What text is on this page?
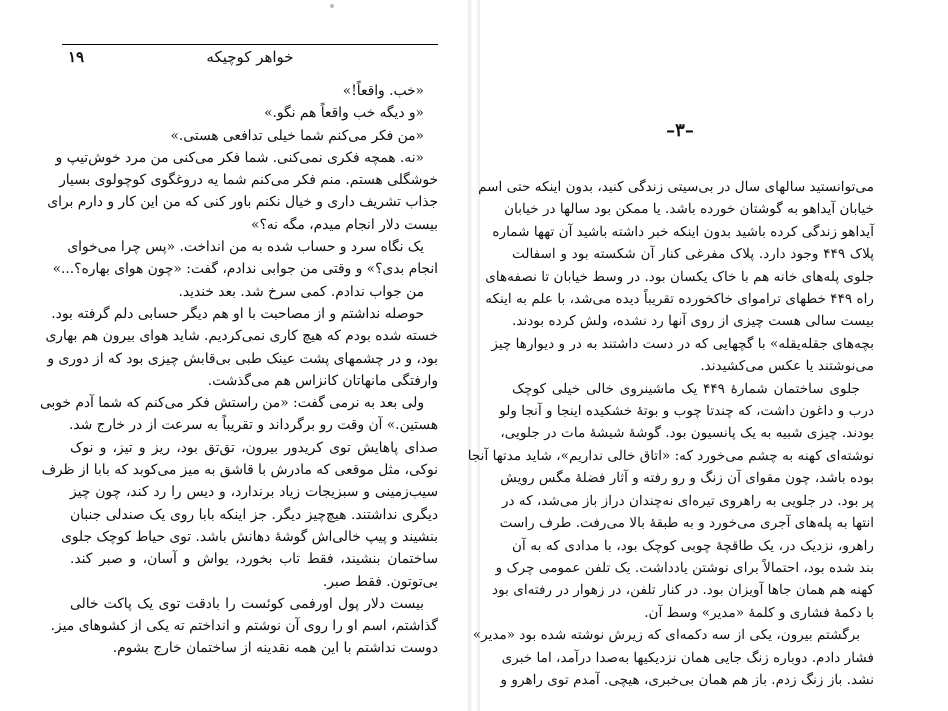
۱۹	خواهر کوچیکه
«خب. واقعاً!»
«و دیگه خب واقعاً هم نگو.»
«من فکر می‌کنم شما خیلی تدافعی هستی.»
«نه. همچه فکری نمی‌کنی. شما فکر می‌کنی من مرد خوش‌تیپ و
خوشگلی هستم. منم فکر می‌کنم شما یه دروغگوی کوچولوی بسیار
جذاب تشریف داری و خیال نکنم باور کنی که من این کار و دارم برای
بیست دلار انجام میدم، مگه نه؟»
یک نگاه سرد و حساب شده به من انداخت. «پس چرا می‌خوای
انجام بدی؟» و وقتی من جوابی ندادم، گفت: «چون هوای بهاره؟...»
من جواب ندادم. کمی سرخ شد. بعد خندید.
حوصله نداشتم و از مصاحبت با او هم دیگر حسابی دلم گرفته بود.
خسته شده بودم که هیچ کاری نمی‌کردیم. شاید هوای بیرون هم بهاری
بود، و در چشمهای پشت عینک طبی بی‌قابش چیزی بود که از دوری و
وارفتگی مانهاتان کانزاس هم می‌گذشت.
ولی بعد به نرمی گفت: «من راستش فکر می‌کنم که شما آدم خوبی
هستین.» آن وقت رو برگرداند و تقریباً به سرعت از در خارج شد.
صدای پاهایش توی کریدور بیرون، تق‌تق بود، ریز و تیز، و نوک
نوکی، مثل موقعی که مادرش با قاشق به میز می‌کوبد که بابا از ظرف
سیب‌زمینی و سبزیجات زیاد برندارد، و دیس را رد کند، چون چیز
دیگری نداشتند. هیچ‌چیز دیگر. جز اینکه بابا روی یک صندلی جنبان
بنشیند و پیپ خالی‌اش گوشهٔ دهانش باشد. توی حیاط کوچک جلوی
ساختمان بنشیند، فقط تاب بخورد، یواش و آسان، و صبر کند.
بی‌توتون. فقط صبر.
بیست دلار پول اورفمی کوئست را بادقت توی یک پاکت خالی
گذاشتم، اسم او را روی آن نوشتم و انداختم ته یکی از کشوهای میز.
دوست نداشتم با این همه نقدینه از ساختمان خارج بشوم.
–۳–
می‌توانستید سالهای سال در بی‌سیتی زندگی کنید، بدون اینکه حتی اسم
خیابان آیداهو به گوشتان خورده باشد. یا ممکن بود سالها در خیابان
آیداهو زندگی کرده باشید بدون اینکه خبر داشته باشید آن تهها شماره
پلاک ۴۴۹ وجود دارد. پلاک مفرغی کنار آن شکسته بود و اسفالت
جلوی پله‌های خانه هم با خاک یکسان بود. در وسط خیابان تا نصفه‌های
راه ۴۴۹ خطهای ترامواى خاکخورده تقریباً دیده می‌شد، با علم به اینکه
بیست سالی هست چیزی از روی آنها رد نشده، ولش کرده بودند.
بچه‌های جقله‌یقله» با گچهایی که در دست داشتند به در و دیوارها چیز
می‌نوشتند یا عکس می‌کشیدند.
جلوی ساختمان شمارهٔ ۴۴۹ یک ماشینروی خالی خیلی کوچک
درب و داغون داشت، که چندتا چوب و بوتهٔ خشکیده اینجا و آنجا ولو
بودند. چیزی شبیه به یک پانسیون بود. گوشهٔ شیشهٔ مات در جلویی،
نوشته‌ای کهنه به چشم می‌خورد که: «اتاق خالی نداریم»، شاید مدتها آنجا
بوده باشد، چون مقوای آن زنگ و رو رفته و آثار فضلهٔ مگس رویش
پر بود. در جلویی به راهروی تیره‌ای نه‌چندان دراز باز می‌شد، که در
انتها به پله‌های آجری می‌خورد و به طبقهٔ بالا می‌رفت. طرف راست
راهرو، نزدیک در، یک طاقچهٔ چوبی کوچک بود، با مدادی که به آن
بند شده بود، احتمالاً برای نوشتن یادداشت. یک تلفن عمومی چرک و
کهنه هم همان جاها آویزان بود. در کنار تلفن، در زهوار در رفته‌ای بود
با دکمهٔ فشاری و کلمهٔ «مدیر» وسط آن.
برگشتم بیرون، یکی از سه دکمه‌ای که زیرش نوشته شده بود «مدیر»
فشار دادم. دوباره زنگ جایی همان نزدیکیها به‌صدا درآمد، اما خبری
نشد. باز زنگ زدم. باز هم همان بی‌خبری، هیچی. آمدم توی راهرو و
